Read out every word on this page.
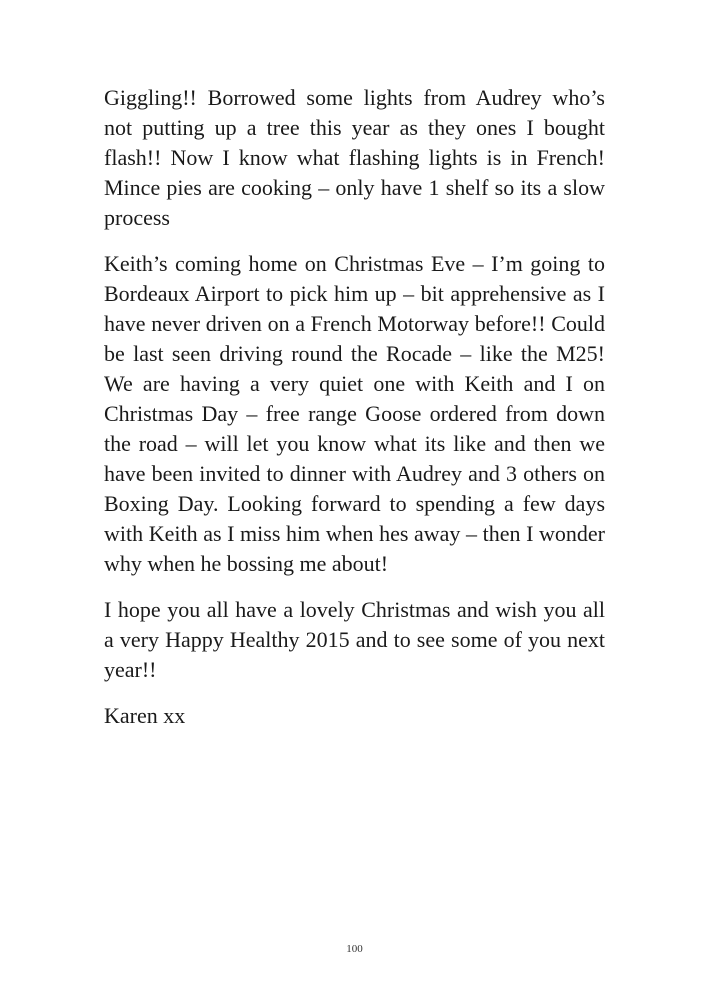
Giggling!! Borrowed some lights from Audrey who’s not putting up a tree this year as they ones I bought flash!! Now I know what flashing lights is in French! Mince pies are cooking – only have 1 shelf so its a slow process

Keith’s coming home on Christmas Eve – I’m going to Bordeaux Airport to pick him up – bit apprehensive as I have never driven on a French Motorway before!! Could be last seen driving round the Rocade – like the M25! We are having a very quiet one with Keith and I on Christmas Day – free range Goose ordered from down the road – will let you know what its like and then we have been invited to dinner with Audrey and 3 others on Boxing Day. Looking forward to spending a few days with Keith as I miss him when hes away – then I wonder why when he bossing me about!

I hope you all have a lovely Christmas and wish you all a very Happy Healthy 2015 and to see some of you next year!!

Karen xx

100
